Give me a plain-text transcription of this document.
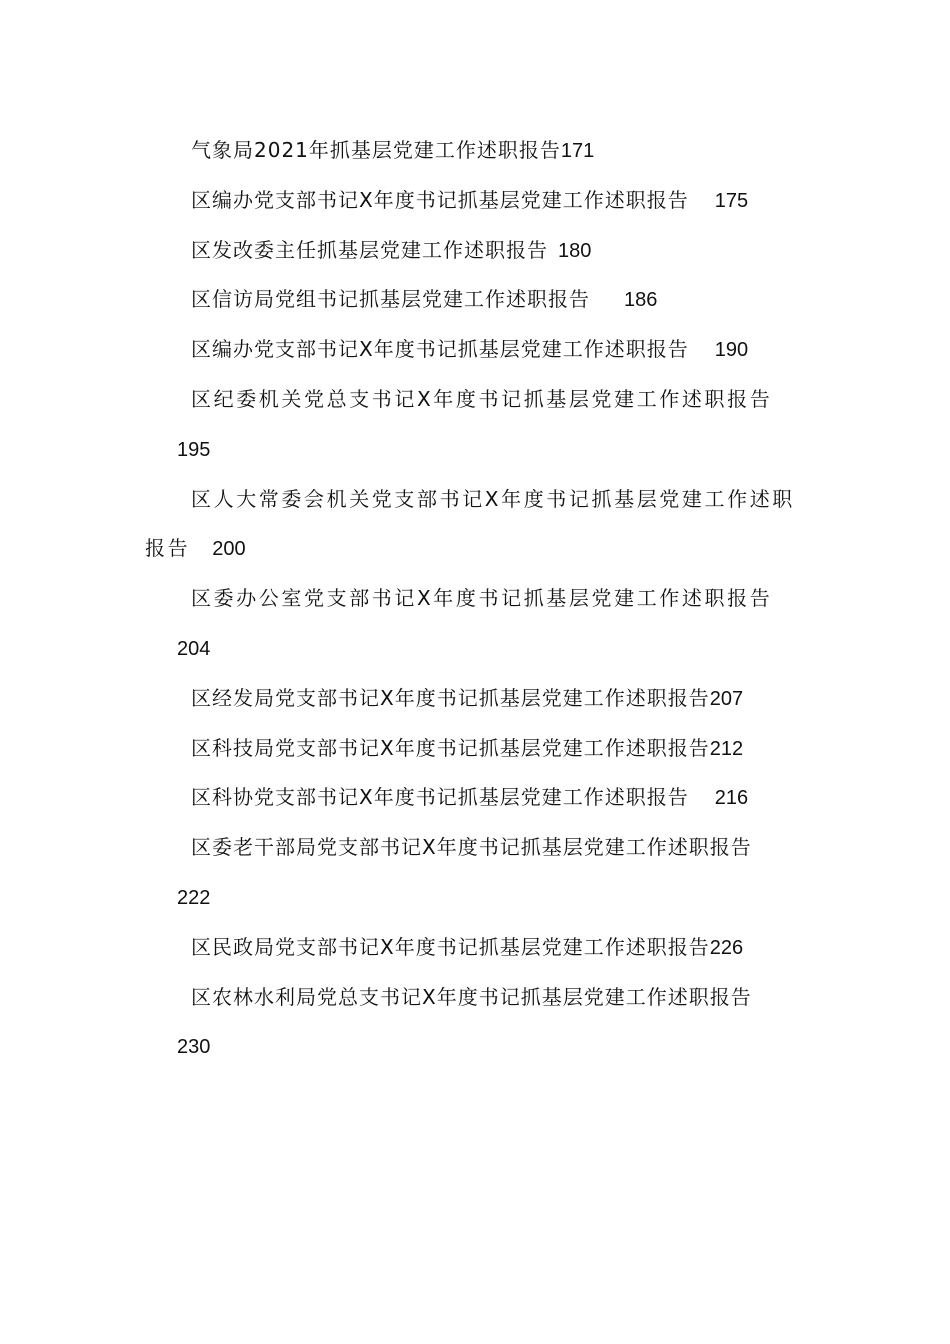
气象局2021年抓基层党建工作述职报告171
区编办党支部书记X年度书记抓基层党建工作述职报告 175
区发改委主任抓基层党建工作述职报告 180
区信访局党组书记抓基层党建工作述职报告 186
区编办党支部书记X年度书记抓基层党建工作述职报告 190
区纪委机关党总支书记X年度书记抓基层党建工作述职报告
195
区人大常委会机关党支部书记X年度书记抓基层党建工作述职
报告 200
区委办公室党支部书记X年度书记抓基层党建工作述职报告
204
区经发局党支部书记X年度书记抓基层党建工作述职报告207
区科技局党支部书记X年度书记抓基层党建工作述职报告212
区科协党支部书记X年度书记抓基层党建工作述职报告 216
区委老干部局党支部书记X年度书记抓基层党建工作述职报告
222
区民政局党支部书记X年度书记抓基层党建工作述职报告226
区农林水利局党总支书记X年度书记抓基层党建工作述职报告
230
